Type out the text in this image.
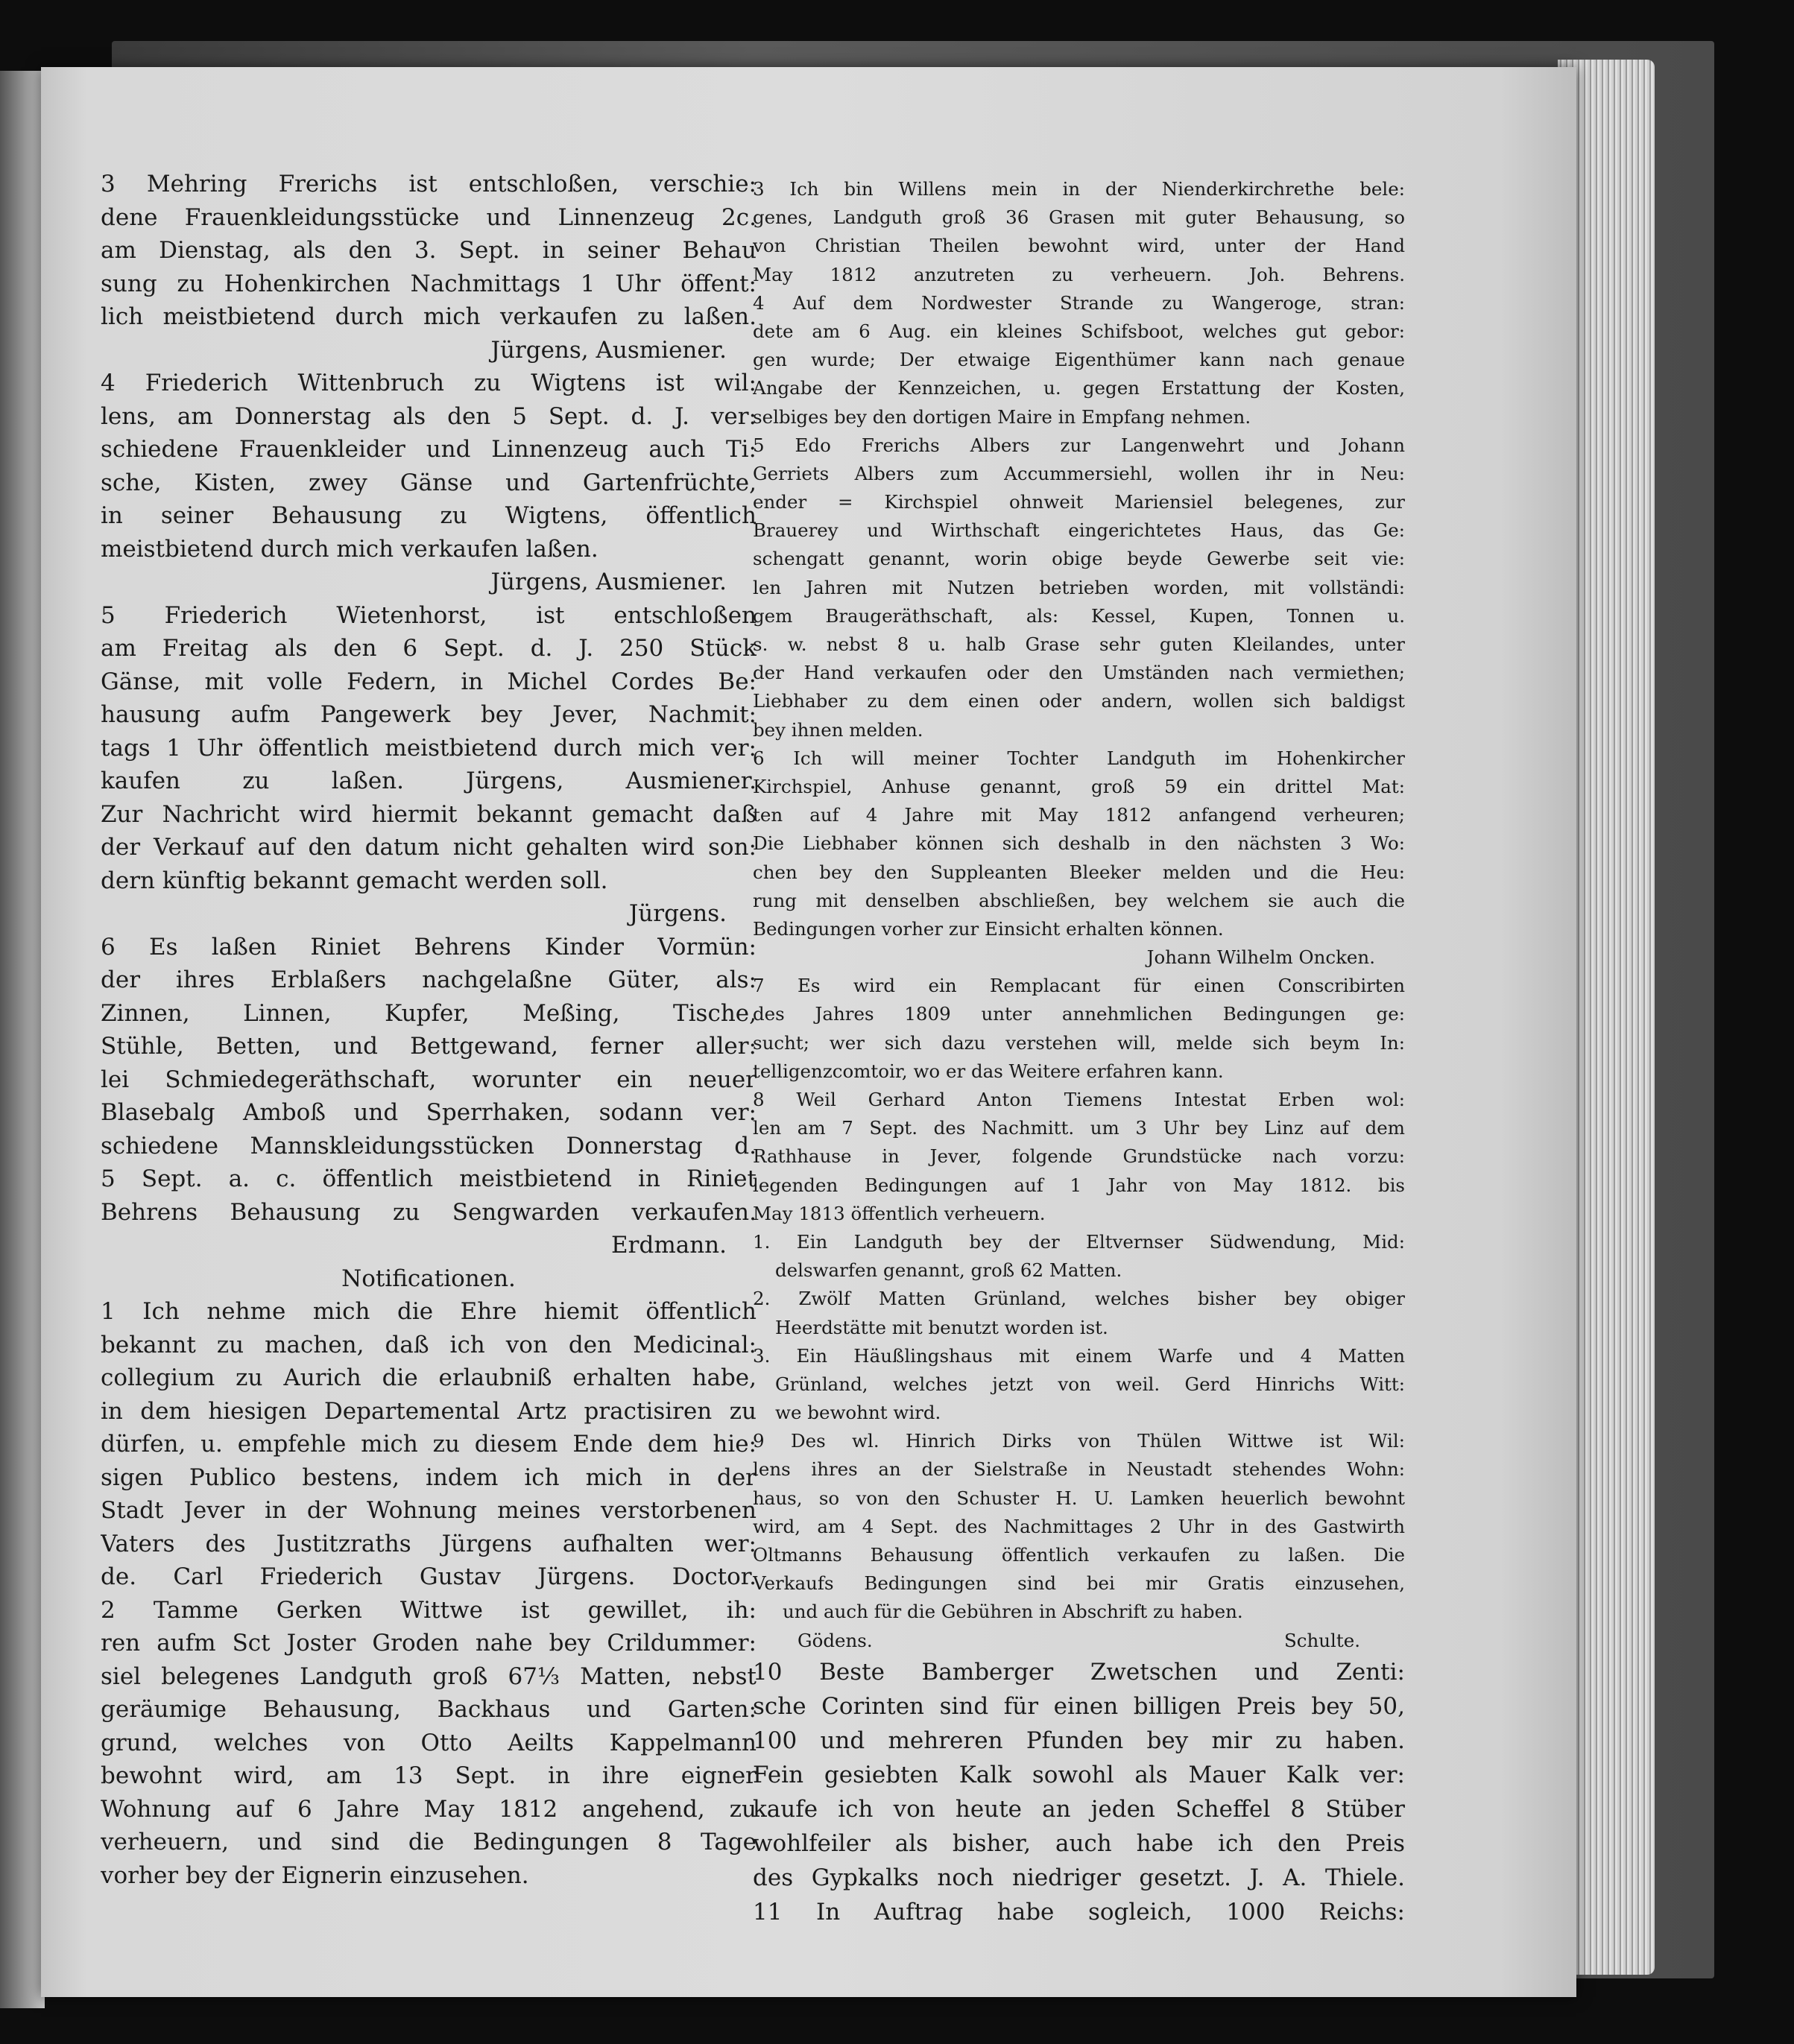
3 Mehring Frerichs ist entschloßen, verschie:
dene Frauenkleidungsstücke und Linnenzeug 2c.
am Dienstag, als den 3. Sept. in seiner Behau
sung zu Hohenkirchen Nachmittags 1 Uhr öffent:
lich meistbietend durch mich verkaufen zu laßen.
Jürgens, Ausmiener.
4 Friederich Wittenbruch zu Wigtens ist wil:
lens, am Donnerstag als den 5 Sept. d. J. ver:
schiedene Frauenkleider und Linnenzeug auch Ti:
sche, Kisten, zwey Gänse und Gartenfrüchte,
in seiner Behausung zu Wigtens, öffentlich
meistbietend durch mich verkaufen laßen.
Jürgens, Ausmiener.
5 Friederich Wietenhorst, ist entschloßen
am Freitag als den 6 Sept. d. J. 250 Stück
Gänse, mit volle Federn, in Michel Cordes Be:
hausung aufm Pangewerk bey Jever, Nachmit:
tags 1 Uhr öffentlich meistbietend durch mich ver:
kaufen zu laßen. Jürgens, Ausmiener.
Zur Nachricht wird hiermit bekannt gemacht daß
der Verkauf auf den datum nicht gehalten wird son:
dern künftig bekannt gemacht werden soll.
Jürgens.
6 Es laßen Riniet Behrens Kinder Vormün:
der ihres Erblaßers nachgelaßne Güter, als:
Zinnen, Linnen, Kupfer, Meßing, Tische,
Stühle, Betten, und Bettgewand, ferner aller:
lei Schmiedegeräthschaft, worunter ein neuer
Blasebalg Amboß und Sperrhaken, sodann ver:
schiedene Mannskleidungsstücken Donnerstag d.
5 Sept. a. c. öffentlich meistbietend in Riniet
Behrens Behausung zu Sengwarden verkaufen.
Erdmann.
Notificationen.
1 Ich nehme mich die Ehre hiemit öffentlich
bekannt zu machen, daß ich von den Medicinal:
collegium zu Aurich die erlaubniß erhalten habe,
in dem hiesigen Departemental Artz practisiren zu
dürfen, u. empfehle mich zu diesem Ende dem hie:
sigen Publico bestens, indem ich mich in der
Stadt Jever in der Wohnung meines verstorbenen
Vaters des Justitzraths Jürgens aufhalten wer:
de. Carl Friederich Gustav Jürgens. Doctor.
2 Tamme Gerken Wittwe ist gewillet, ih:
ren aufm Sct Joster Groden nahe bey Crildummer:
siel belegenes Landguth groß 67⅓ Matten, nebst
geräumige Behausung, Backhaus und Garten:
grund, welches von Otto Aeilts Kappelmann
bewohnt wird, am 13 Sept. in ihre eigner
Wohnung auf 6 Jahre May 1812 angehend, zu
verheuern, und sind die Bedingungen 8 Tage
vorher bey der Eignerin einzusehen.
3 Ich bin Willens mein in der Nienderkirchrethe bele:
genes, Landguth groß 36 Grasen mit guter Behausung, so
von Christian Theilen bewohnt wird, unter der Hand
May 1812 anzutreten zu verheuern. Joh. Behrens.
4 Auf dem Nordwester Strande zu Wangeroge, stran:
dete am 6 Aug. ein kleines Schifsboot, welches gut gebor:
gen wurde; Der etwaige Eigenthümer kann nach genaue
Angabe der Kennzeichen, u. gegen Erstattung der Kosten,
selbiges bey den dortigen Maire in Empfang nehmen.
5 Edo Frerichs Albers zur Langenwehrt und Johann
Gerriets Albers zum Accummersiehl, wollen ihr in Neu:
ender = Kirchspiel ohnweit Mariensiel belegenes, zur
Brauerey und Wirthschaft eingerichtetes Haus, das Ge:
schengatt genannt, worin obige beyde Gewerbe seit vie:
len Jahren mit Nutzen betrieben worden, mit vollständi:
gem Braugeräthschaft, als: Kessel, Kupen, Tonnen u.
s. w. nebst 8 u. halb Grase sehr guten Kleilandes, unter
der Hand verkaufen oder den Umständen nach vermiethen;
Liebhaber zu dem einen oder andern, wollen sich baldigst
bey ihnen melden.
6 Ich will meiner Tochter Landguth im Hohenkircher
Kirchspiel, Anhuse genannt, groß 59 ein drittel Mat:
ten auf 4 Jahre mit May 1812 anfangend verheuren;
Die Liebhaber können sich deshalb in den nächsten 3 Wo:
chen bey den Suppleanten Bleeker melden und die Heu:
rung mit denselben abschließen, bey welchem sie auch die
Bedingungen vorher zur Einsicht erhalten können.
Johann Wilhelm Oncken.
7 Es wird ein Remplacant für einen Conscribirten
des Jahres 1809 unter annehmlichen Bedingungen ge:
sucht; wer sich dazu verstehen will, melde sich beym In:
telligenzcomtoir, wo er das Weitere erfahren kann.
8 Weil Gerhard Anton Tiemens Intestat Erben wol:
len am 7 Sept. des Nachmitt. um 3 Uhr bey Linz auf dem
Rathhause in Jever, folgende Grundstücke nach vorzu:
legenden Bedingungen auf 1 Jahr von May 1812. bis
May 1813 öffentlich verheuern.
1. Ein Landguth bey der Eltvernser Südwendung, Mid:
delswarfen genannt, groß 62 Matten.
2. Zwölf Matten Grünland, welches bisher bey obiger
Heerdstätte mit benutzt worden ist.
3. Ein Häußlingshaus mit einem Warfe und 4 Matten
Grünland, welches jetzt von weil. Gerd Hinrichs Witt:
we bewohnt wird.
9 Des wl. Hinrich Dirks von Thülen Wittwe ist Wil:
lens ihres an der Sielstraße in Neustadt stehendes Wohn:
haus, so von den Schuster H. U. Lamken heuerlich bewohnt
wird, am 4 Sept. des Nachmittages 2 Uhr in des Gastwirth
Oltmanns Behausung öffentlich verkaufen zu laßen. Die
Verkaufs Bedingungen sind bei mir Gratis einzusehen,
und auch für die Gebühren in Abschrift zu haben.
Gödens.	Schulte.
10 Beste Bamberger Zwetschen und Zenti:
sche Corinten sind für einen billigen Preis bey 50,
100 und mehreren Pfunden bey mir zu haben.
Fein gesiebten Kalk sowohl als Mauer Kalk ver:
kaufe ich von heute an jeden Scheffel 8 Stüber
wohlfeiler als bisher, auch habe ich den Preis
des Gypkalks noch niedriger gesetzt. J. A. Thiele.
11 In Auftrag habe sogleich, 1000 Reichs:
